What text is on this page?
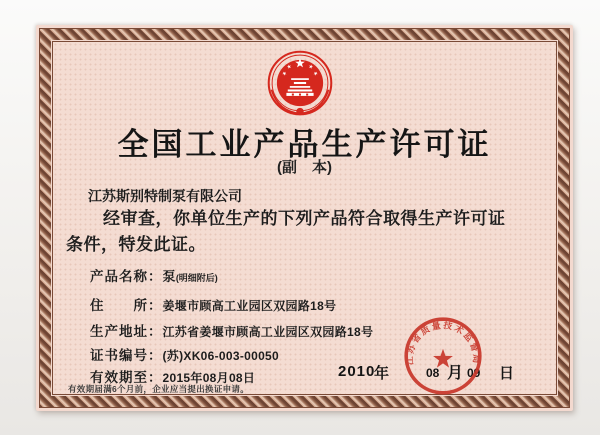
全国工业产品生产许可证
(副　本)
江苏斯别特制泵有限公司
经审查，你单位生产的下列产品符合取得生产许可证
条件，特发此证。
产品名称：泵(明细附后)
住　　所：姜堰市顾高工业园区双园路18号
生产地址：江苏省姜堰市顾高工业园区双园路18号
证书编号：(苏)XK06-003-00050
有效期至：2015年08月08日
有效期届满6个月前，企业应当提出换证申请。
2010
年	08 月 09 日
江苏省质量技术监督局
